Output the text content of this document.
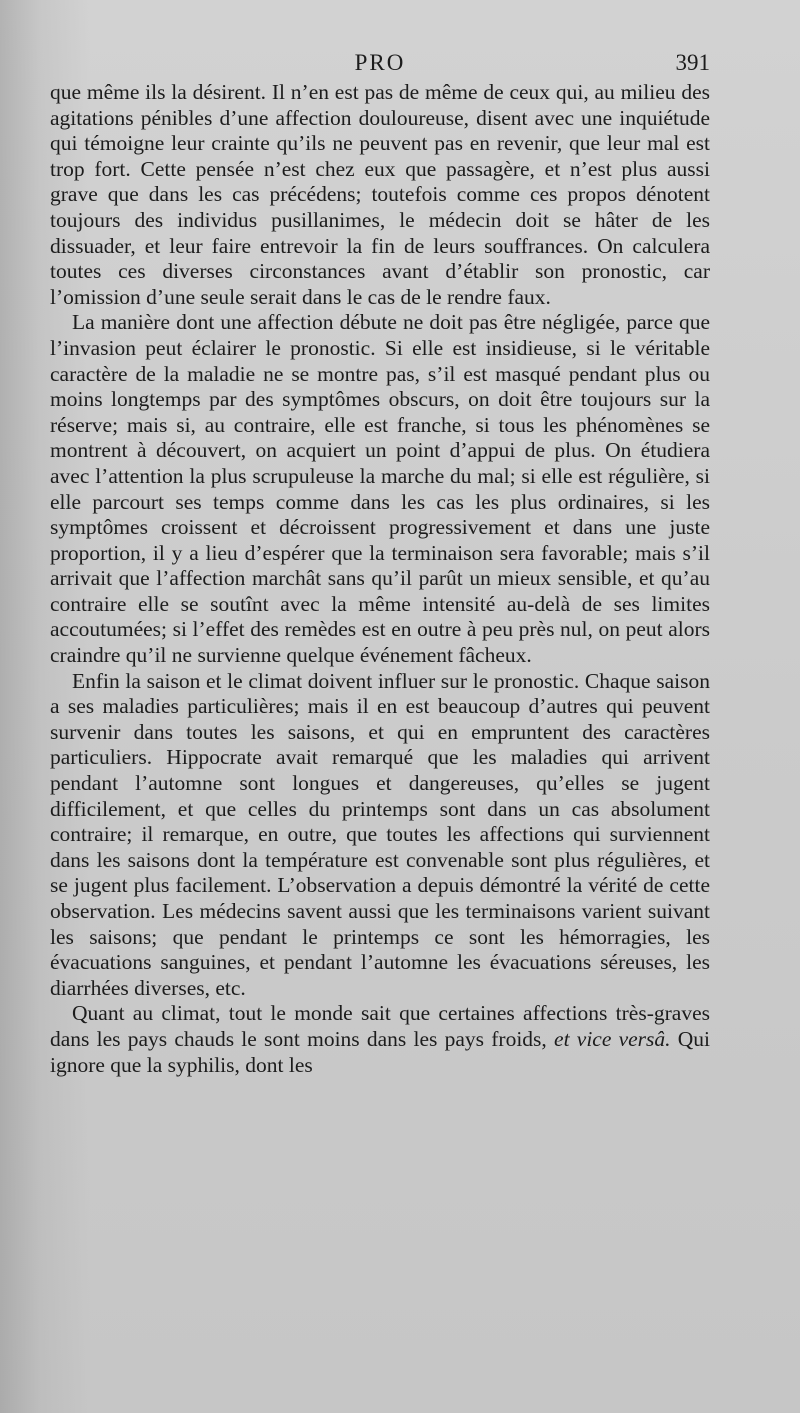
PRO	391

que même ils la désirent. Il n’en est pas de même de ceux qui, au milieu des agitations pénibles d’une affection douloureuse, disent avec une inquiétude qui témoigne leur crainte qu’ils ne peuvent pas en revenir, que leur mal est trop fort. Cette pensée n’est chez eux que passagère, et n’est plus aussi grave que dans les cas précédens; toutefois comme ces propos dénotent toujours des individus pusillanimes, le médecin doit se hâter de les dissuader, et leur faire entrevoir la fin de leurs souffrances. On calculera toutes ces diverses circonstances avant d’établir son pronostic, car l’omission d’une seule serait dans le cas de le rendre faux.

La manière dont une affection débute ne doit pas être négligée, parce que l’invasion peut éclairer le pronostic. Si elle est insidieuse, si le véritable caractère de la maladie ne se montre pas, s’il est masqué pendant plus ou moins longtemps par des symptômes obscurs, on doit être toujours sur la réserve; mais si, au contraire, elle est franche, si tous les phénomènes se montrent à découvert, on acquiert un point d’appui de plus. On étudiera avec l’attention la plus scrupuleuse la marche du mal; si elle est régulière, si elle parcourt ses temps comme dans les cas les plus ordinaires, si les symptômes croissent et décroissent progressivement et dans une juste proportion, il y a lieu d’espérer que la terminaison sera favorable; mais s’il arrivait que l’affection marchât sans qu’il parût un mieux sensible, et qu’au contraire elle se soutînt avec la même intensité au-delà de ses limites accoutumées; si l’effet des remèdes est en outre à peu près nul, on peut alors craindre qu’il ne survienne quelque événement fâcheux.

Enfin la saison et le climat doivent influer sur le pronostic. Chaque saison a ses maladies particulières; mais il en est beaucoup d’autres qui peuvent survenir dans toutes les saisons, et qui en empruntent des caractères particuliers. Hippocrate avait remarqué que les maladies qui arrivent pendant l’automne sont longues et dangereuses, qu’elles se jugent difficilement, et que celles du printemps sont dans un cas absolument contraire; il remarque, en outre, que toutes les affections qui surviennent dans les saisons dont la température est convenable sont plus régulières, et se jugent plus facilement. L’observation a depuis démontré la vérité de cette observation. Les médecins savent aussi que les terminaisons varient suivant les saisons; que pendant le printemps ce sont les hémorragies, les évacuations sanguines, et pendant l’automne les évacuations séreuses, les diarrhées diverses, etc.

Quant au climat, tout le monde sait que certaines affections très-graves dans les pays chauds le sont moins dans les pays froids, et vice versâ. Qui ignore que la syphilis, dont les
